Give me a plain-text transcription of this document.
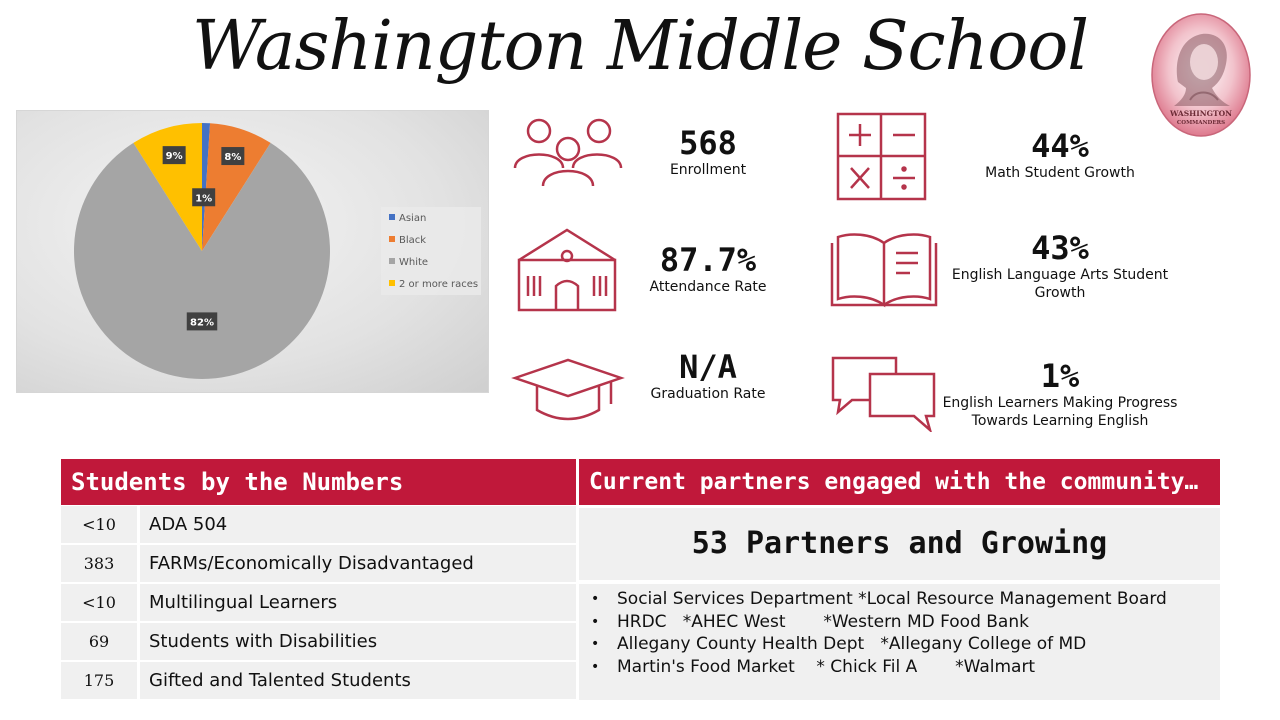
Washington Middle School
WASHINGTON
COMMANDERS
1%
8%
82%
9%
Asian
Black
White
2 or more races
568
Enrollment
87.7%
Attendance Rate
N/A
Graduation Rate
44%
Math Student Growth
43%
English Language Arts Student
Growth
1%
English Learners Making Progress
Towards Learning English
Students by the Numbers
<10	ADA 504
383	FARMs/Economically Disadvantaged
<10	Multilingual Learners
69	Students with Disabilities
175	Gifted and Talented Students
Current partners engaged with the community…
53 Partners and Growing
• Social Services Department *Local Resource Management Board
• HRDC   *AHEC West       *Western MD Food Bank
• Allegany County Health Dept   *Allegany College of MD
• Martin's Food Market    * Chick Fil A       *Walmart
